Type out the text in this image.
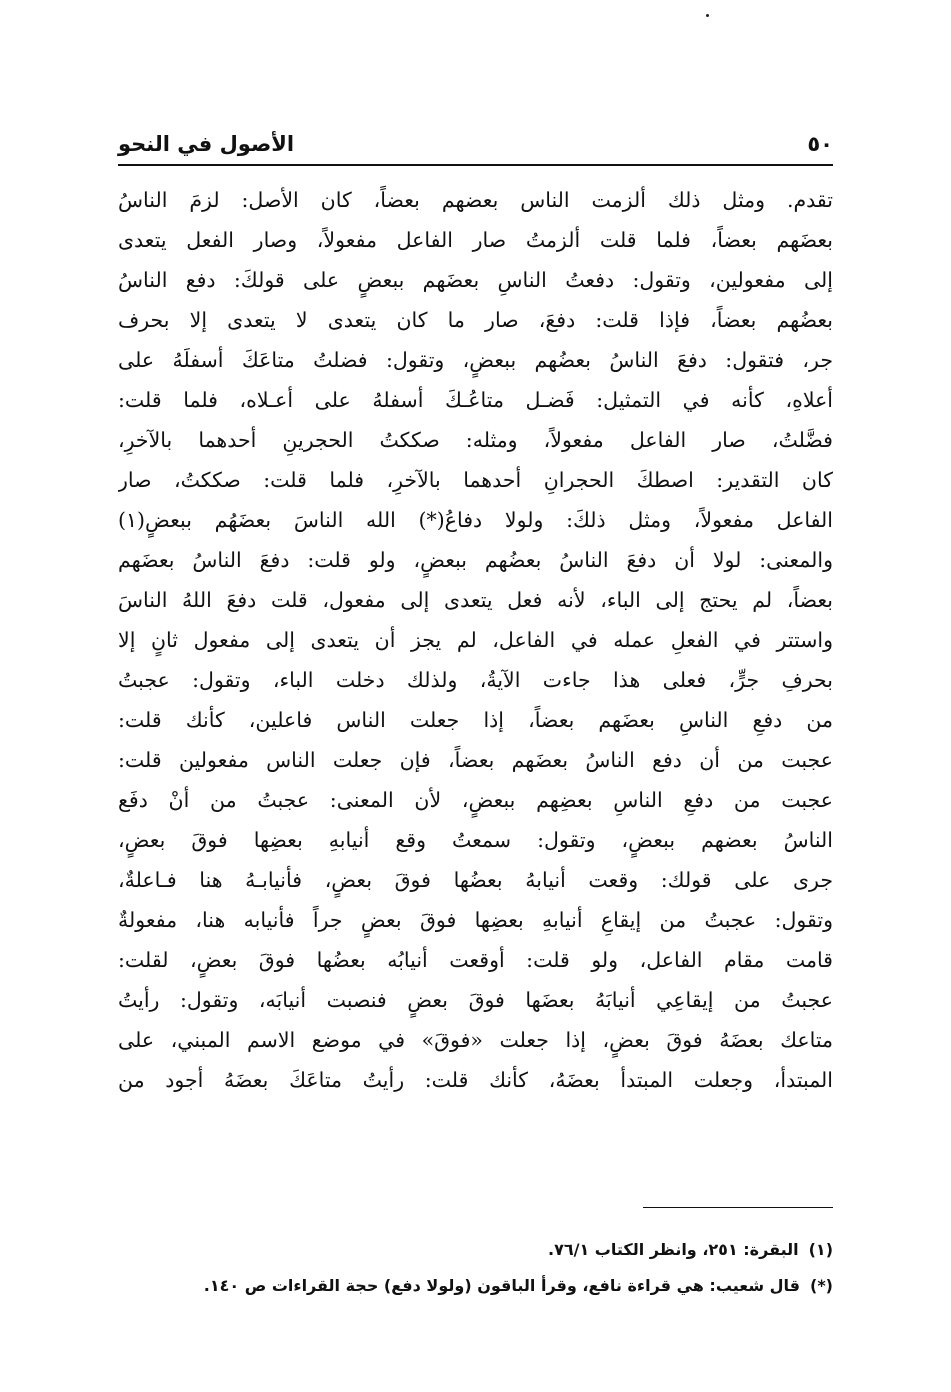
٥٠
الأصول في النحو
تقدم. ومثل ذلك ألزمت الناس بعضهم بعضاً، كان الأصل: لزمَ الناسُ
بعضَهم بعضاً، فلما قلت ألزمتُ صار الفاعل مفعولاً، وصار الفعل يتعدى
إلى مفعولين، وتقول: دفعتُ الناسِ بعضَهم ببعضٍ على قولكَ: دفع الناسُ
بعضُهم بعضاً، فإذا قلت: دفعَ، صار ما كان يتعدى لا يتعدى إلا بحرف
جر، فتقول: دفعَ الناسُ بعضُهم ببعضٍ، وتقول: فضلتُ متاعَكَ أسفلَهُ على
أعلاهِ، كأنه في التمثيل: فَضـل متاعُـكَ أسفلهُ على أعـلاه، فلما قلت:
فضَّلتُ، صار الفاعل مفعولاً، ومثله: صككتُ الحجرينِ أحدهما بالآخرِ،
كان التقدير: اصطكَ الحجرانِ أحدهما بالآخرِ، فلما قلت: صككتُ، صار
الفاعل مفعولاً، ومثل ذلكَ: ولولا دفاعُ(*) الله الناسَ بعضَهُم ببعضٍ(١)
والمعنى: لولا أن دفعَ الناسُ بعضُهم ببعضٍ، ولو قلت: دفعَ الناسُ بعضَهم
بعضاً، لم يحتج إلى الباء، لأنه فعل يتعدى إلى مفعول، قلت دفعَ اللهُ الناسَ
واستتر في الفعلِ عمله في الفاعل، لم يجز أن يتعدى إلى مفعول ثانٍ إلا
بحرفِ جرٍّ، فعلى هذا جاءت الآيةُ، ولذلك دخلت الباء، وتقول: عجبتُ
من دفعِ الناسِ بعضَهم بعضاً، إذا جعلت الناس فاعلين، كأنك قلت:
عجبت من أن دفع الناسُ بعضَهم بعضاً، فإن جعلت الناس مفعولين قلت:
عجبت من دفعِ الناسِ بعضِهم ببعضٍ، لأن المعنى: عجبتُ من أنْ دفَع
الناسُ بعضهم ببعضٍ، وتقول: سمعتُ وقع أنيابهِ بعضِها فوقَ بعضٍ،
جرى على قولك: وقعت أنيابهُ بعضُها فوقَ بعضٍ، فأنيابـهُ هنا فـاعلةٌ،
وتقول: عجبتُ من إيقاعِ أنيابهِ بعضِها فوقَ بعضٍ جراً فأنيابه هنا، مفعولةٌ
قامت مقام الفاعل، ولو قلت: أوقعت أنيابُه بعضُها فوقَ بعضٍ، لقلت:
عجبتُ من إيقاعِي أنيابَهُ بعضَها فوقَ بعضٍ فنصبت أنيابَه، وتقول: رأيتُ
متاعك بعضَهُ فوقَ بعضٍ، إذا جعلت «فوقَ» في موضع الاسم المبني، على
المبتدأ، وجعلت المبتدأ بعضَهُ، كأنك قلت: رأيتُ متاعَكَ بعضَهُ أجود من
(١)البقرة: ٢٥١، وانظر الكتاب ٧٦/١.
(*)قال شعيب: هي قراءة نافع، وقرأ الباقون (ولولا دفع) حجة القراءات ص ١٤٠.
